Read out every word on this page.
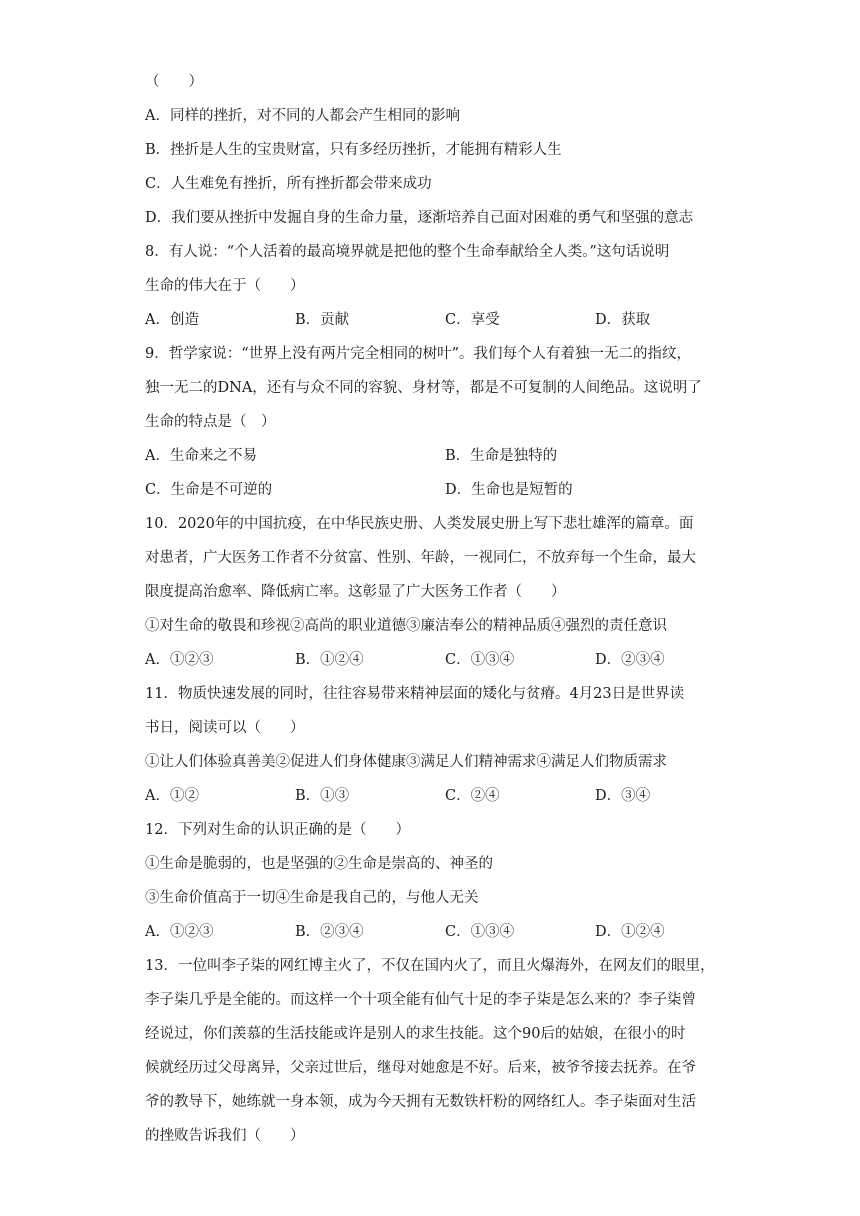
（　　）
A．同样的挫折，对不同的人都会产生相同的影响
B．挫折是人生的宝贵财富，只有多经历挫折，才能拥有精彩人生
C．人生难免有挫折，所有挫折都会带来成功
D．我们要从挫折中发掘自身的生命力量，逐渐培养自己面对困难的勇气和坚强的意志
8．有人说：“个人活着的最高境界就是把他的整个生命奉献给全人类。”这句话说明
生命的伟大在于（　　）
A．创造	B．贡献	C．享受	D．获取
9．哲学家说：“世界上没有两片完全相同的树叶”。我们每个人有着独一无二的指纹，
独一无二的DNA，还有与众不同的容貌、身材等，都是不可复制的人间绝品。这说明了
生命的特点是（　）
A．生命来之不易	B．生命是独特的
C．生命是不可逆的	D．生命也是短暂的
10．2020年的中国抗疫，在中华民族史册、人类发展史册上写下悲壮雄浑的篇章。面
对患者，广大医务工作者不分贫富、性别、年龄，一视同仁，不放弃每一个生命，最大
限度提高治愈率、降低病亡率。这彰显了广大医务工作者（　　）
①对生命的敬畏和珍视②高尚的职业道德③廉洁奉公的精神品质④强烈的责任意识
A．①②③	B．①②④	C．①③④	D．②③④
11．物质快速发展的同时，往往容易带来精神层面的矮化与贫瘠。4月23日是世界读
书日，阅读可以（　　）
①让人们体验真善美②促进人们身体健康③满足人们精神需求④满足人们物质需求
A．①②	B．①③	C．②④	D．③④
12．下列对生命的认识正确的是（　　）
①生命是脆弱的，也是坚强的②生命是崇高的、神圣的
③生命价值高于一切④生命是我自己的，与他人无关
A．①②③	B．②③④	C．①③④	D．①②④
13．一位叫李子柒的网红博主火了，不仅在国内火了，而且火爆海外，在网友们的眼里，
李子柒几乎是全能的。而这样一个十项全能有仙气十足的李子柒是怎么来的？李子柒曾
经说过，你们羡慕的生活技能或许是别人的求生技能。这个90后的姑娘，在很小的时
候就经历过父母离异，父亲过世后，继母对她愈是不好。后来，被爷爷接去抚养。在爷
爷的教导下，她练就一身本领，成为今天拥有无数铁杆粉的网络红人。李子柒面对生活
的挫败告诉我们（　　）
